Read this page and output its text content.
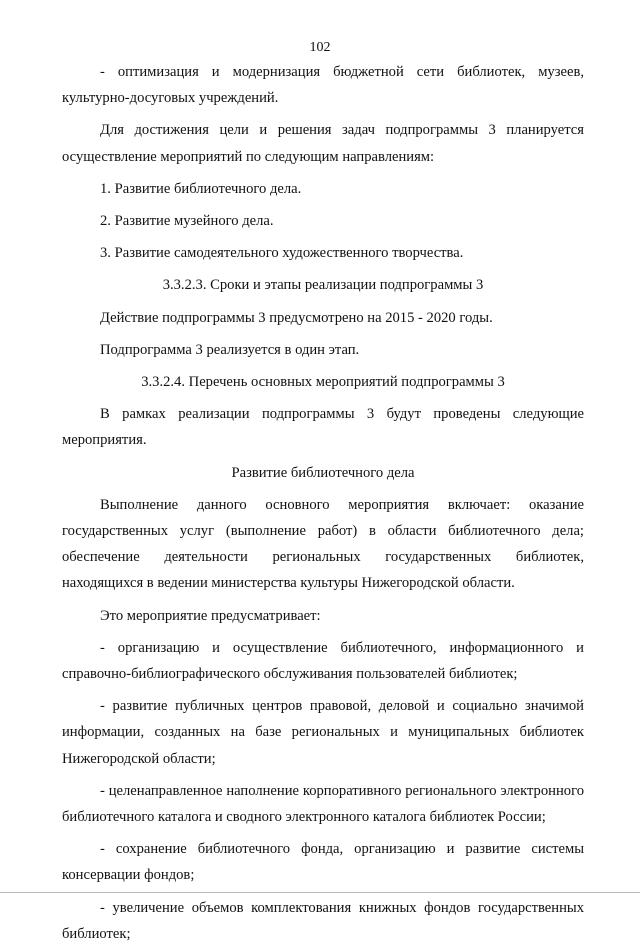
102

- оптимизация и модернизация бюджетной сети библиотек, музеев, культурно-досуговых учреждений.

Для достижения цели и решения задач подпрограммы 3 планируется осуществление мероприятий по следующим направлениям:

1. Развитие библиотечного дела.

2. Развитие музейного дела.

3. Развитие самодеятельного художественного творчества.

3.3.2.3. Сроки и этапы реализации подпрограммы 3

Действие подпрограммы 3 предусмотрено на 2015 - 2020 годы.

Подпрограмма 3 реализуется в один этап.

3.3.2.4. Перечень основных мероприятий подпрограммы 3

В рамках реализации подпрограммы 3 будут проведены следующие мероприятия.

Развитие библиотечного дела

Выполнение данного основного мероприятия включает: оказание государственных услуг (выполнение работ) в области библиотечного дела; обеспечение деятельности региональных государственных библиотек, находящихся в ведении министерства культуры Нижегородской области.

Это мероприятие предусматривает:

- организацию и осуществление библиотечного, информационного и справочно-библиографического обслуживания пользователей библиотек;

- развитие публичных центров правовой, деловой и социально значимой информации, созданных на базе региональных и муниципальных библиотек Нижегородской области;

- целенаправленное наполнение корпоративного регионального электронного библиотечного каталога и сводного электронного каталога библиотек России;

- сохранение библиотечного фонда, организацию и развитие системы консервации фондов;

- увеличение объемов комплектования книжных фондов государственных библиотек;
